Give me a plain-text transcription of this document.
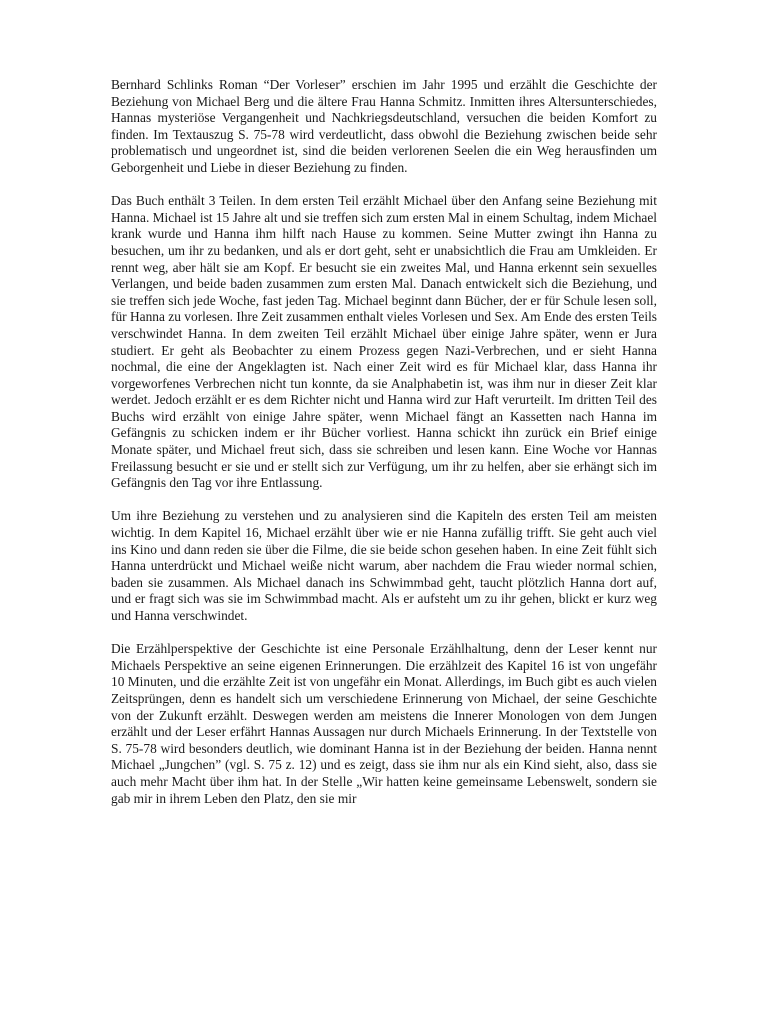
Bernhard Schlinks Roman “Der Vorleser” erschien im Jahr 1995 und erzählt die Geschichte der Beziehung von Michael Berg und die ältere Frau Hanna Schmitz. Inmitten ihres Altersunterschiedes, Hannas mysteriöse Vergangenheit und Nachkriegsdeutschland, versuchen die beiden Komfort zu finden. Im Textauszug S. 75-78 wird verdeutlicht, dass obwohl die Beziehung zwischen beide sehr problematisch und ungeordnet ist, sind die beiden verlorenen Seelen die ein Weg herausfinden um Geborgenheit und Liebe in dieser Beziehung zu finden.

Das Buch enthält 3 Teilen. In dem ersten Teil erzählt Michael über den Anfang seine Beziehung mit Hanna. Michael ist 15 Jahre alt und sie treffen sich zum ersten Mal in einem Schultag, indem Michael krank wurde und Hanna ihm hilft nach Hause zu kommen. Seine Mutter zwingt ihn Hanna zu besuchen, um ihr zu bedanken, und als er dort geht, seht er unabsichtlich die Frau am Umkleiden. Er rennt weg, aber hält sie am Kopf. Er besucht sie ein zweites Mal, und Hanna erkennt sein sexuelles Verlangen, und beide baden zusammen zum ersten Mal. Danach entwickelt sich die Beziehung, und sie treffen sich jede Woche, fast jeden Tag. Michael beginnt dann Bücher, der er für Schule lesen soll, für Hanna zu vorlesen. Ihre Zeit zusammen enthalt vieles Vorlesen und Sex. Am Ende des ersten Teils verschwindet Hanna. In dem zweiten Teil erzählt Michael über einige Jahre später, wenn er Jura studiert. Er geht als Beobachter zu einem Prozess gegen Nazi-Verbrechen, und er sieht Hanna nochmal, die eine der Angeklagten ist. Nach einer Zeit wird es für Michael klar, dass Hanna ihr vorgeworfenes Verbrechen nicht tun konnte, da sie Analphabetin ist, was ihm nur in dieser Zeit klar werdet. Jedoch erzählt er es dem Richter nicht und Hanna wird zur Haft verurteilt. Im dritten Teil des Buchs wird erzählt von einige Jahre später, wenn Michael fängt an Kassetten nach Hanna im Gefängnis zu schicken indem er ihr Bücher vorliest. Hanna schickt ihn zurück ein Brief einige Monate später, und Michael freut sich, dass sie schreiben und lesen kann. Eine Woche vor Hannas Freilassung besucht er sie und er stellt sich zur Verfügung, um ihr zu helfen, aber sie erhängt sich im Gefängnis den Tag vor ihre Entlassung.

Um ihre Beziehung zu verstehen und zu analysieren sind die Kapiteln des ersten Teil am meisten wichtig. In dem Kapitel 16, Michael erzählt über wie er nie Hanna zufällig trifft. Sie geht auch viel ins Kino und dann reden sie über die Filme, die sie beide schon gesehen haben. In eine Zeit fühlt sich Hanna unterdrückt und Michael weiße nicht warum, aber nachdem die Frau wieder normal schien, baden sie zusammen. Als Michael danach ins Schwimmbad geht, taucht plötzlich Hanna dort auf, und er fragt sich was sie im Schwimmbad macht. Als er aufsteht um zu ihr gehen, blickt er kurz weg und Hanna verschwindet.

Die Erzählperspektive der Geschichte ist eine Personale Erzählhaltung, denn der Leser kennt nur Michaels Perspektive an seine eigenen Erinnerungen. Die erzählzeit des Kapitel 16 ist von ungefähr 10 Minuten, und die erzählte Zeit ist von ungefähr ein Monat. Allerdings, im Buch gibt es auch vielen Zeitsprüngen, denn es handelt sich um verschiedene Erinnerung von Michael, der seine Geschichte von der Zukunft erzählt. Deswegen werden am meistens die Innerer Monologen von dem Jungen erzählt und der Leser erfährt Hannas Aussagen nur durch Michaels Erinnerung. In der Textstelle von S. 75-78 wird besonders deutlich, wie dominant Hanna ist in der Beziehung der beiden. Hanna nennt Michael „Jungchen” (vgl. S. 75 z. 12) und es zeigt, dass sie ihm nur als ein Kind sieht, also, dass sie auch mehr Macht über ihm hat. In der Stelle „Wir hatten keine gemeinsame Lebenswelt, sondern sie gab mir in ihrem Leben den Platz, den sie mir
